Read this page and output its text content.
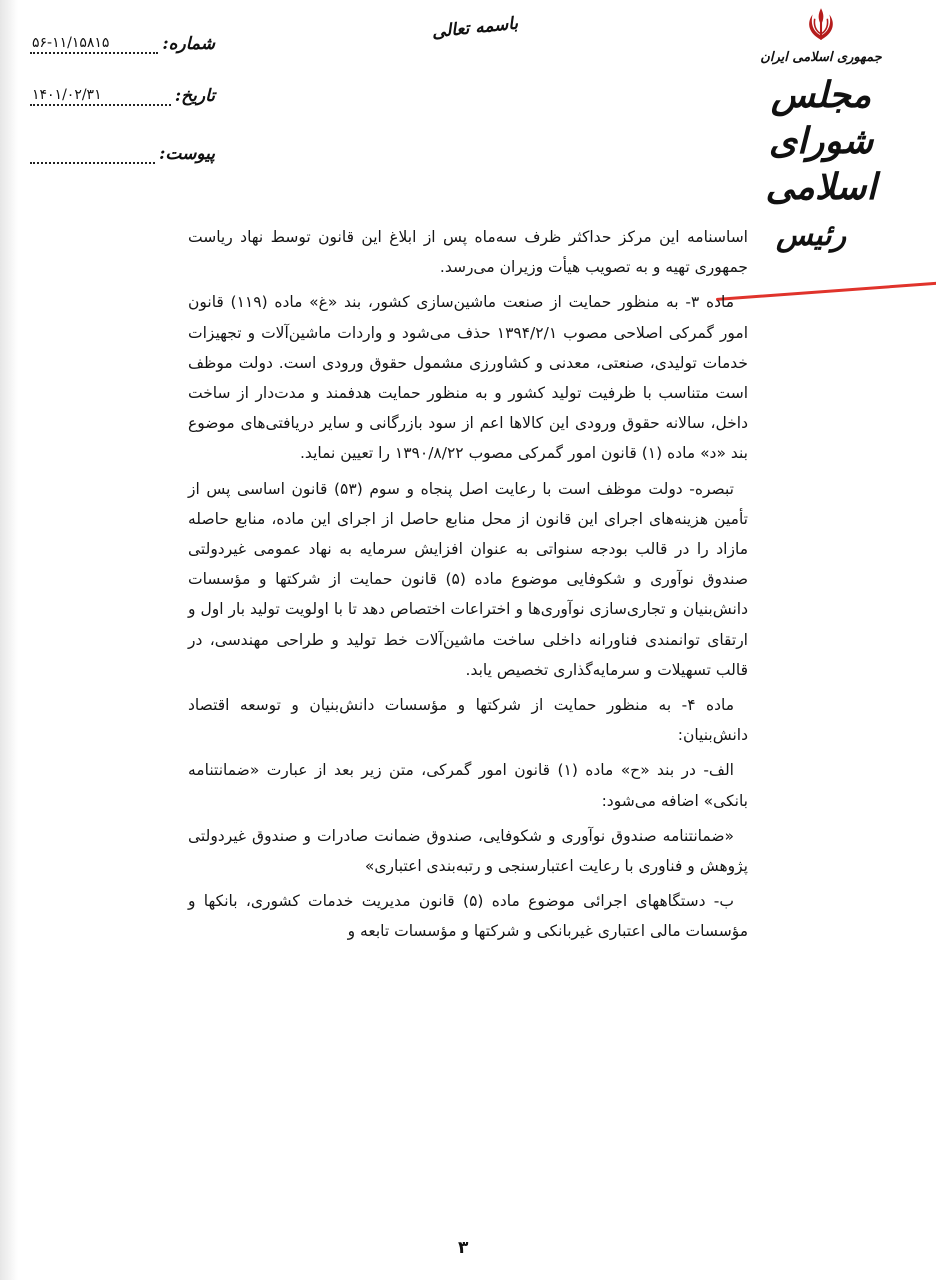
جمهوری اسلامی ایران
مجلس شورای اسلامی
رئیس
باسمه تعالی
شماره:
۵۶-۱۱/۱۵۸۱۵
تاریخ:
۱۴۰۱/۰۲/۳۱
پیوست:

اساسنامه این مرکز حداکثر ظرف سه‌ماه پس از ابلاغ این قانون توسط نهاد ریاست جمهوری تهیه و به تصویب هیأت وزیران می‌رسد.

ماده ۳- به منظور حمایت از صنعت ماشین‌سازی کشور، بند «غ» ماده (۱۱۹) قانون امور گمرکی اصلاحی مصوب ۱۳۹۴/۲/۱ حذف می‌شود و واردات ماشین‌آلات و تجهیزات خدمات تولیدی، صنعتی، معدنی و کشاورزی مشمول حقوق ورودی است. دولت موظف است متناسب با ظرفیت تولید کشور و به منظور حمایت هدفمند و مدت‌دار از ساخت داخل، سالانه حقوق ورودی این کالاها اعم از سود بازرگانی و سایر دریافتی‌های موضوع بند «د» ماده (۱) قانون امور گمرکی مصوب ۱۳۹۰/۸/۲۲ را تعیین نماید.

تبصره- دولت موظف است با رعایت اصل پنجاه و سوم (۵۳) قانون اساسی پس از تأمین هزینه‌های اجرای این قانون از محل منابع حاصل از اجرای این ماده، منابع حاصله مازاد را در قالب بودجه سنواتی به عنوان افزایش سرمایه به نهاد عمومی غیردولتی صندوق نوآوری و شکوفایی موضوع ماده (۵) قانون حمایت از شرکتها و مؤسسات دانش‌بنیان و تجاری‌سازی نوآوری‌ها و اختراعات اختصاص دهد تا با اولویت تولید بار اول و ارتقای توانمندی فناورانه داخلی ساخت ماشین‌آلات خط تولید و طراحی مهندسی، در قالب تسهیلات و سرمایه‌گذاری تخصیص یابد.

ماده ۴- به منظور حمایت از شرکتها و مؤسسات دانش‌بنیان و توسعه اقتصاد دانش‌بنیان:

الف- در بند «ح» ماده (۱) قانون امور گمرکی، متن زیر بعد از عبارت «ضمانتنامه بانکی» اضافه می‌شود:

«ضمانتنامه صندوق نوآوری و شکوفایی، صندوق ضمانت صادرات و صندوق غیردولتی پژوهش و فناوری با رعایت اعتبارسنجی و رتبه‌بندی اعتباری»

ب- دستگاههای اجرائی موضوع ماده (۵) قانون مدیریت خدمات کشوری، بانکها و مؤسسات مالی اعتباری غیربانکی و شرکتها و مؤسسات تابعه و

۳
